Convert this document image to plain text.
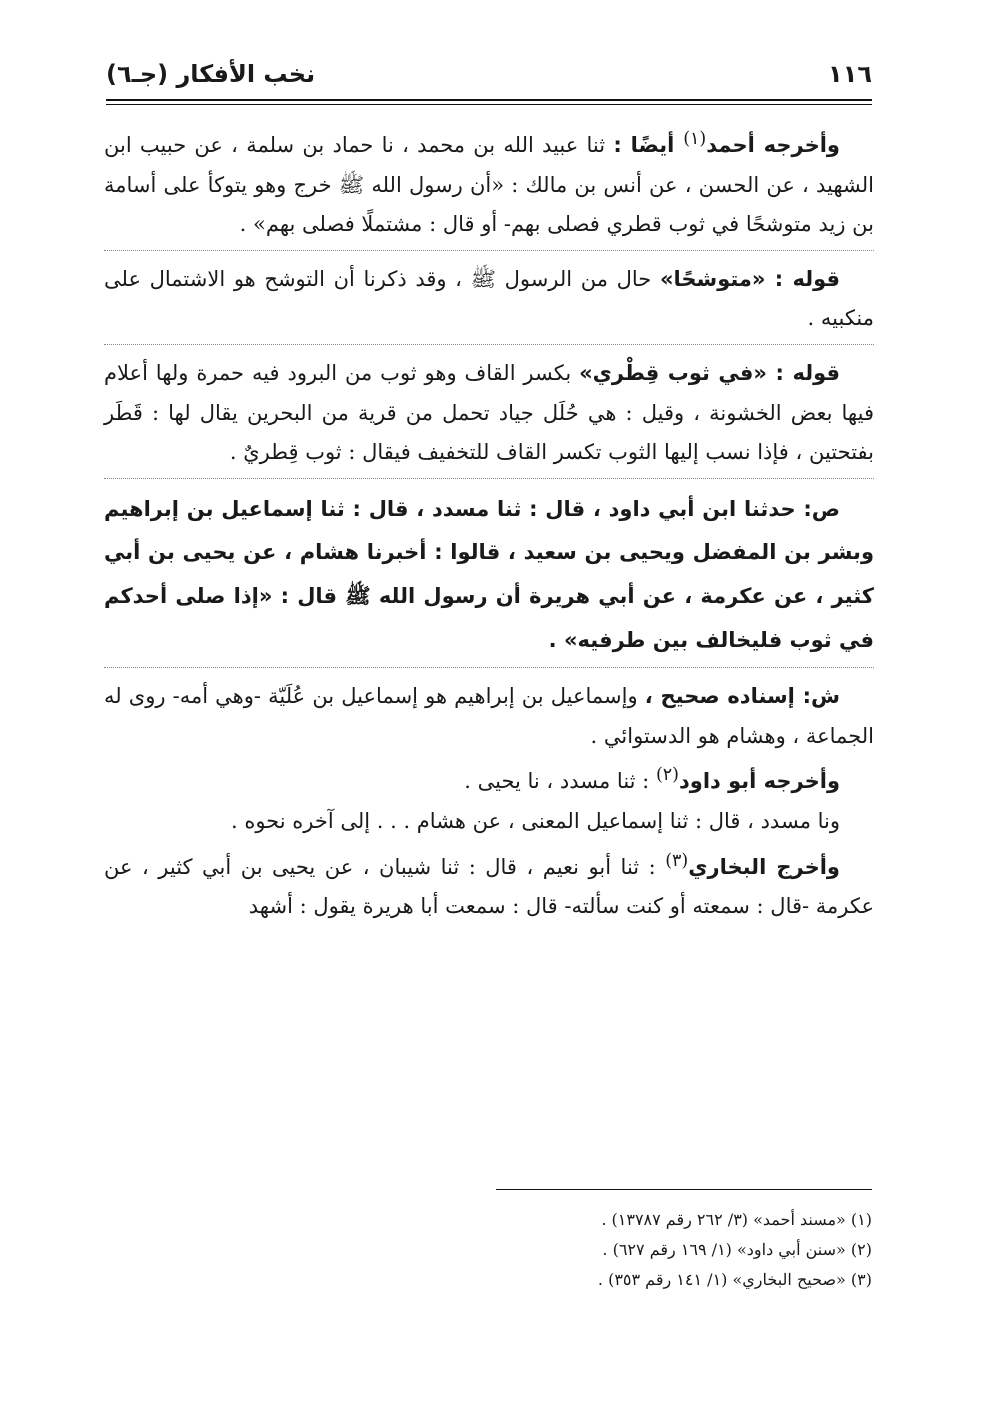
١١٦
نخب الأفكار (جـ٦)

وأخرجه أحمد$^{(١)}$ أيضًا : ثنا عبيد الله بن محمد ، نا حماد بن سلمة ، عن حبيب ابن الشهيد ، عن الحسن ، عن أنس بن مالك : «أن رسول الله ﷺ خرج وهو يتوكأ على أسامة بن زيد متوشحًا في ثوب قطري فصلى بهم- أو قال : مشتملًا فصلى بهم» .

قوله : «متوشحًا» حال من الرسول ﷺ ، وقد ذكرنا أن التوشح هو الاشتمال على منكبيه .

قوله : «في ثوب قِطْري» بكسر القاف وهو ثوب من البرود فيه حمرة ولها أعلام فيها بعض الخشونة ، وقيل : هي حُلَل جياد تحمل من قرية من البحرين يقال لها : قَطَر بفتحتين ، فإذا نسب إليها الثوب تكسر القاف للتخفيف فيقال : ثوب قِطريٌ .

ص: حدثنا ابن أبي داود ، قال : ثنا مسدد ، قال : ثنا إسماعيل بن إبراهيم وبشر بن المفضل ويحيى بن سعيد ، قالوا : أخبرنا هشام ، عن يحيى بن أبي كثير ، عن عكرمة ، عن أبي هريرة أن رسول الله ﷺ قال : «إذا صلى أحدكم في ثوب فليخالف بين طرفيه» .

ش: إسناده صحيح ، وإسماعيل بن إبراهيم هو إسماعيل بن عُلَيّة -وهي أمه- روى له الجماعة ، وهشام هو الدستوائي .

وأخرجه أبو داود$^{(٢)}$ : ثنا مسدد ، نا يحيى .

ونا مسدد ، قال : ثنا إسماعيل المعنى ، عن هشام . . . إلى آخره نحوه .

وأخرج البخاري$^{(٣)}$ : ثنا أبو نعيم ، قال : ثنا شيبان ، عن يحيى بن أبي كثير ، عن عكرمة -قال : سمعته أو كنت سألته- قال : سمعت أبا هريرة يقول : أشهد

(١) «مسند أحمد» (٣/ ٢٦٢ رقم ١٣٧٨٧) .
(٢) «سنن أبي داود» (١/ ١٦٩ رقم ٦٢٧) .
(٣) «صحيح البخاري» (١/ ١٤١ رقم ٣٥٣) .
